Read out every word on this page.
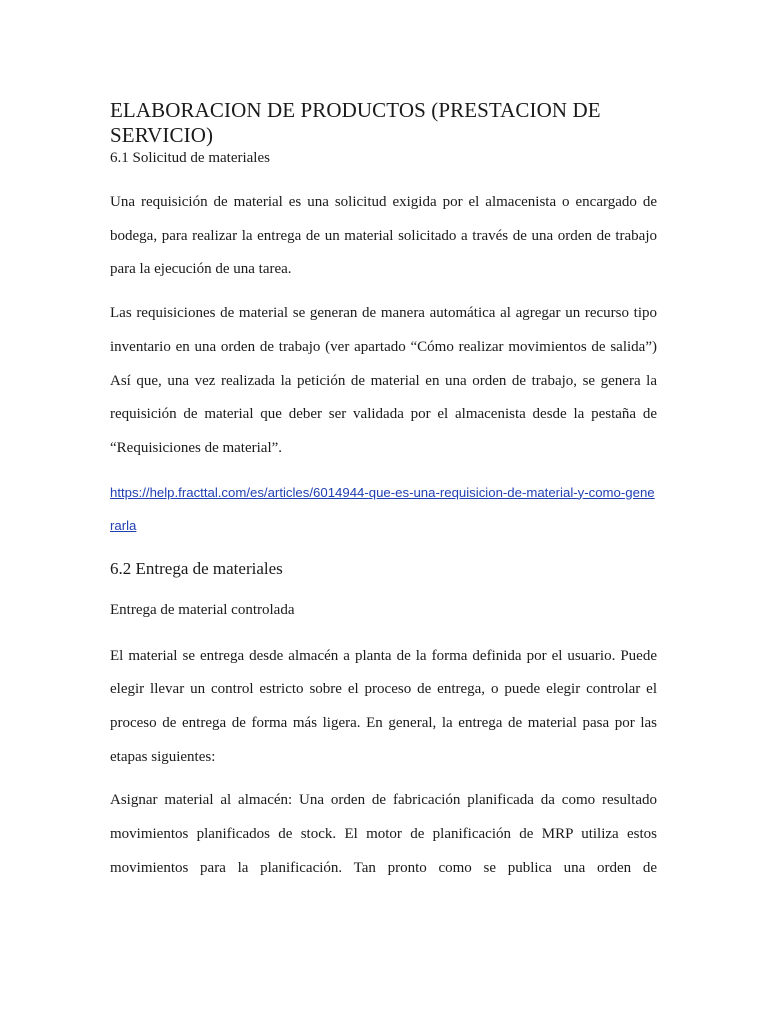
ELABORACION DE PRODUCTOS (PRESTACION DE SERVICIO)

6.1 Solicitud de materiales

Una requisición de material es una solicitud exigida por el almacenista o encargado de bodega, para realizar la entrega de un material solicitado a través de una orden de trabajo para la ejecución de una tarea.

Las requisiciones de material se generan de manera automática al agregar un recurso tipo inventario en una orden de trabajo (ver apartado “Cómo realizar movimientos de salida”) Así que, una vez realizada la petición de material en una orden de trabajo, se genera la requisición de material que deber ser validada por el almacenista desde la pestaña de “Requisiciones de material”.

https://help.fracttal.com/es/articles/6014944-que-es-una-requisicion-de-material-y-como-generarla

6.2 Entrega de materiales

Entrega de material controlada

El material se entrega desde almacén a planta de la forma definida por el usuario. Puede elegir llevar un control estricto sobre el proceso de entrega, o puede elegir controlar el proceso de entrega de forma más ligera. En general, la entrega de material pasa por las etapas siguientes:

Asignar material al almacén: Una orden de fabricación planificada da como resultado movimientos planificados de stock. El motor de planificación de MRP utiliza estos movimientos para la planificación. Tan pronto como se publica una orden de
